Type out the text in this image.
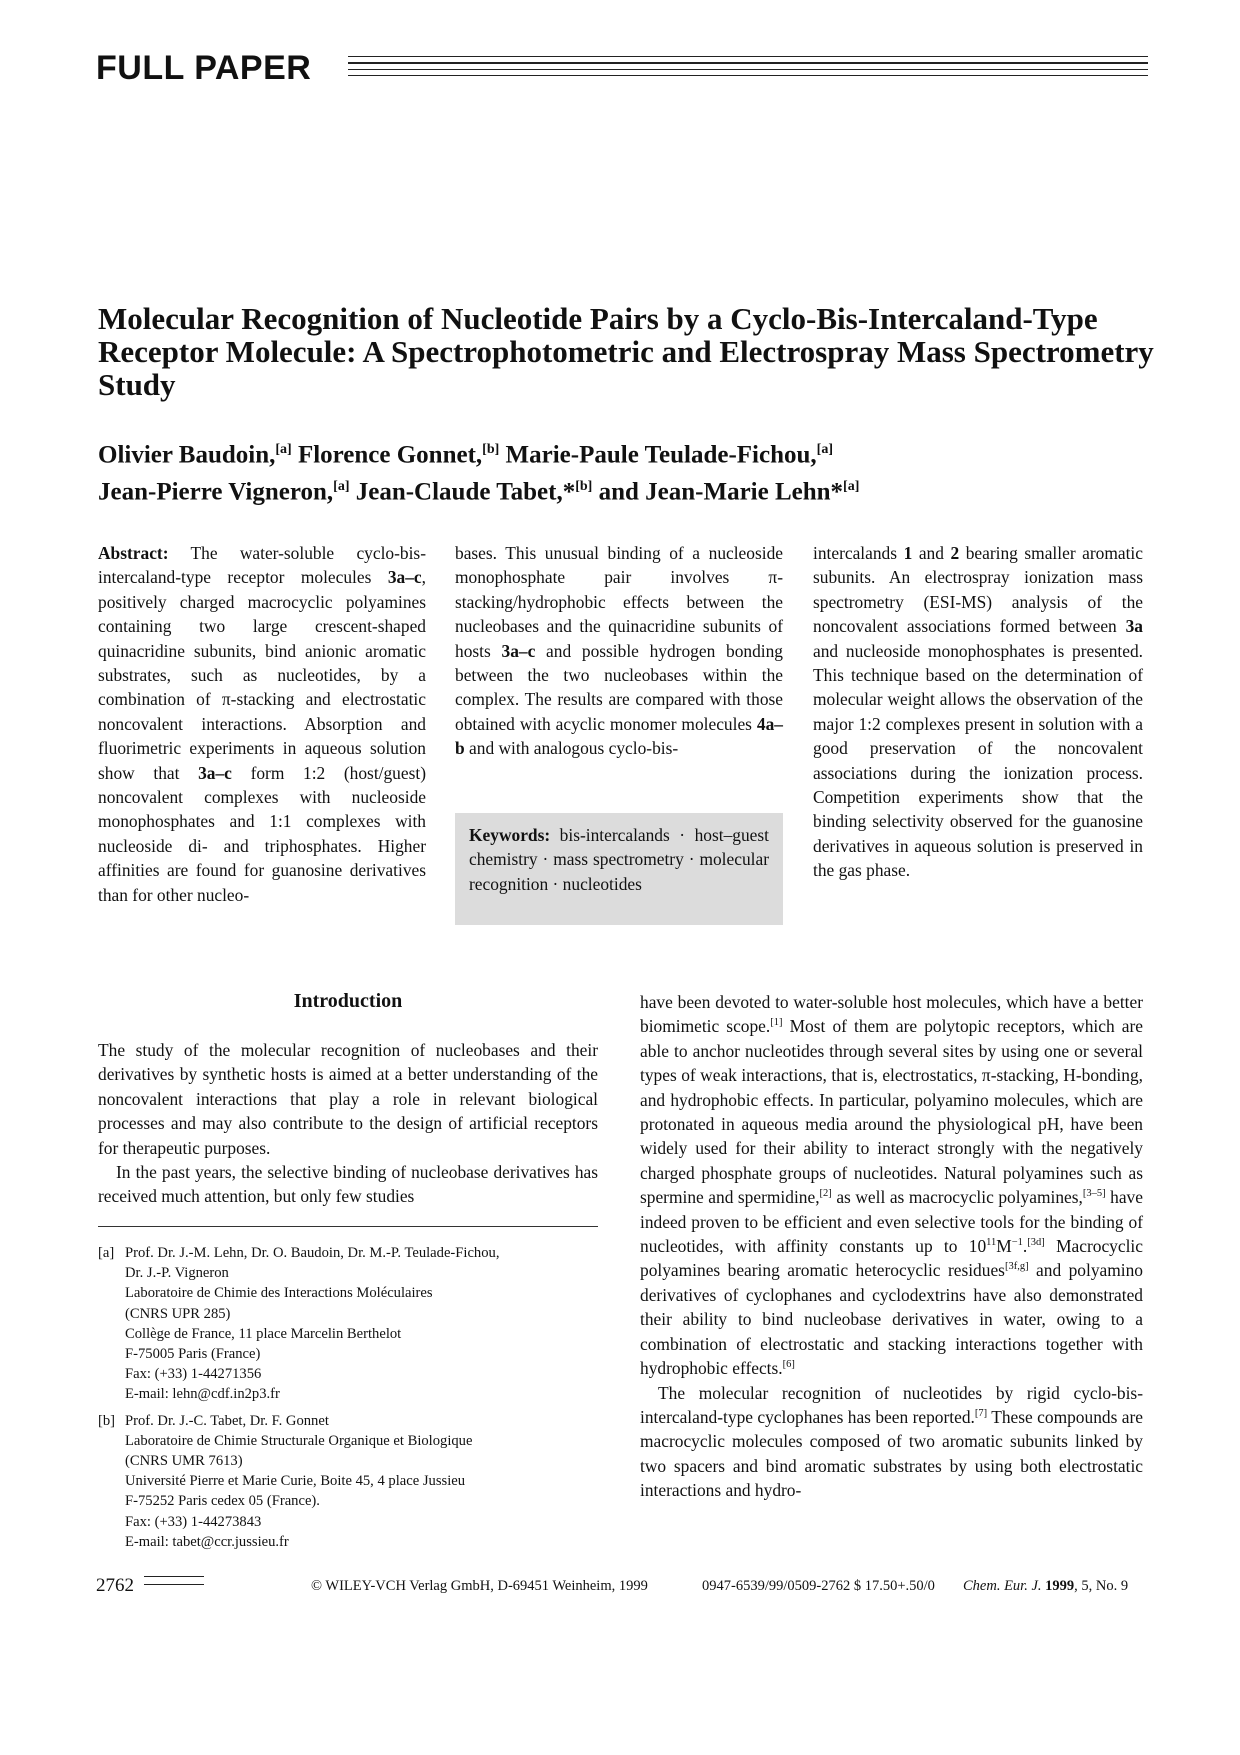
FULL PAPER
Molecular Recognition of Nucleotide Pairs by a Cyclo-Bis-Intercaland-Type Receptor Molecule: A Spectrophotometric and Electrospray Mass Spectrometry Study
Olivier Baudoin,[a] Florence Gonnet,[b] Marie-Paule Teulade-Fichou,[a]
Jean-Pierre Vigneron,[a] Jean-Claude Tabet,*[b] and Jean-Marie Lehn*[a]

Abstract: The water-soluble cyclo-bis-intercaland-type receptor molecules 3a–c, positively charged macrocyclic polyamines containing two large crescent-shaped quinacridine subunits, bind anionic aromatic substrates, such as nucleotides, by a combination of π-stacking and electrostatic noncovalent interactions. Absorption and fluorimetric experiments in aqueous solution show that 3a–c form 1:2 (host/guest) noncovalent complexes with nucleoside monophosphates and 1:1 complexes with nucleoside di- and triphosphates. Higher affinities are found for guanosine derivatives than for other nucleo-

bases. This unusual binding of a nucleoside monophosphate pair involves π-stacking/hydrophobic effects between the nucleobases and the quinacridine subunits of hosts 3a–c and possible hydrogen bonding between the two nucleobases within the complex. The results are compared with those obtained with acyclic monomer molecules 4a–b and with analogous cyclo-bis-

Keywords: bis-intercalands · host–guest chemistry · mass spectrometry · molecular recognition · nucleotides

intercalands 1 and 2 bearing smaller aromatic subunits. An electrospray ionization mass spectrometry (ESI-MS) analysis of the noncovalent associations formed between 3a and nucleoside monophosphates is presented. This technique based on the determination of molecular weight allows the observation of the major 1:2 complexes present in solution with a good preservation of the noncovalent associations during the ionization process. Competition experiments show that the binding selectivity observed for the guanosine derivatives in aqueous solution is preserved in the gas phase.

Introduction

The study of the molecular recognition of nucleobases and their derivatives by synthetic hosts is aimed at a better understanding of the noncovalent interactions that play a role in relevant biological processes and may also contribute to the design of artificial receptors for therapeutic purposes.

In the past years, the selective binding of nucleobase derivatives has received much attention, but only few studies

have been devoted to water-soluble host molecules, which have a better biomimetic scope.[1] Most of them are polytopic receptors, which are able to anchor nucleotides through several sites by using one or several types of weak interactions, that is, electrostatics, π-stacking, H-bonding, and hydrophobic effects. In particular, polyamino molecules, which are protonated in aqueous media around the physiological pH, have been widely used for their ability to interact strongly with the negatively charged phosphate groups of nucleotides. Natural polyamines such as spermine and spermidine,[2] as well as macrocyclic polyamines,[3–5] have indeed proven to be efficient and even selective tools for the binding of nucleotides, with affinity constants up to 10$^{11}$M$^{-1}$.[3d] Macrocyclic polyamines bearing aromatic heterocyclic residues[3f,g] and polyamino derivatives of cyclophanes and cyclodextrins have also demonstrated their ability to bind nucleobase derivatives in water, owing to a combination of electrostatic and stacking interactions together with hydrophobic effects.[6]

The molecular recognition of nucleotides by rigid cyclo-bis-intercaland-type cyclophanes has been reported.[7] These compounds are macrocyclic molecules composed of two aromatic subunits linked by two spacers and bind aromatic substrates by using both electrostatic interactions and hydro-

[a] Prof. Dr. J.-M. Lehn, Dr. O. Baudoin, Dr. M.-P. Teulade-Fichou,
Dr. J.-P. Vigneron
Laboratoire de Chimie des Interactions Moléculaires
(CNRS UPR 285)
Collège de France, 11 place Marcelin Berthelot
F-75005 Paris (France)
Fax: (+33) 1-44271356
E-mail: lehn@cdf.in2p3.fr
[b] Prof. Dr. J.-C. Tabet, Dr. F. Gonnet
Laboratoire de Chimie Structurale Organique et Biologique
(CNRS UMR 7613)
Université Pierre et Marie Curie, Boite 45, 4 place Jussieu
F-75252 Paris cedex 05 (France).
Fax: (+33) 1-44273843
E-mail: tabet@ccr.jussieu.fr
2762	© WILEY-VCH Verlag GmbH, D-69451 Weinheim, 1999	0947-6539/99/0509-2762 $ 17.50+.50/0 Chem. Eur. J. 1999, 5, No. 9
